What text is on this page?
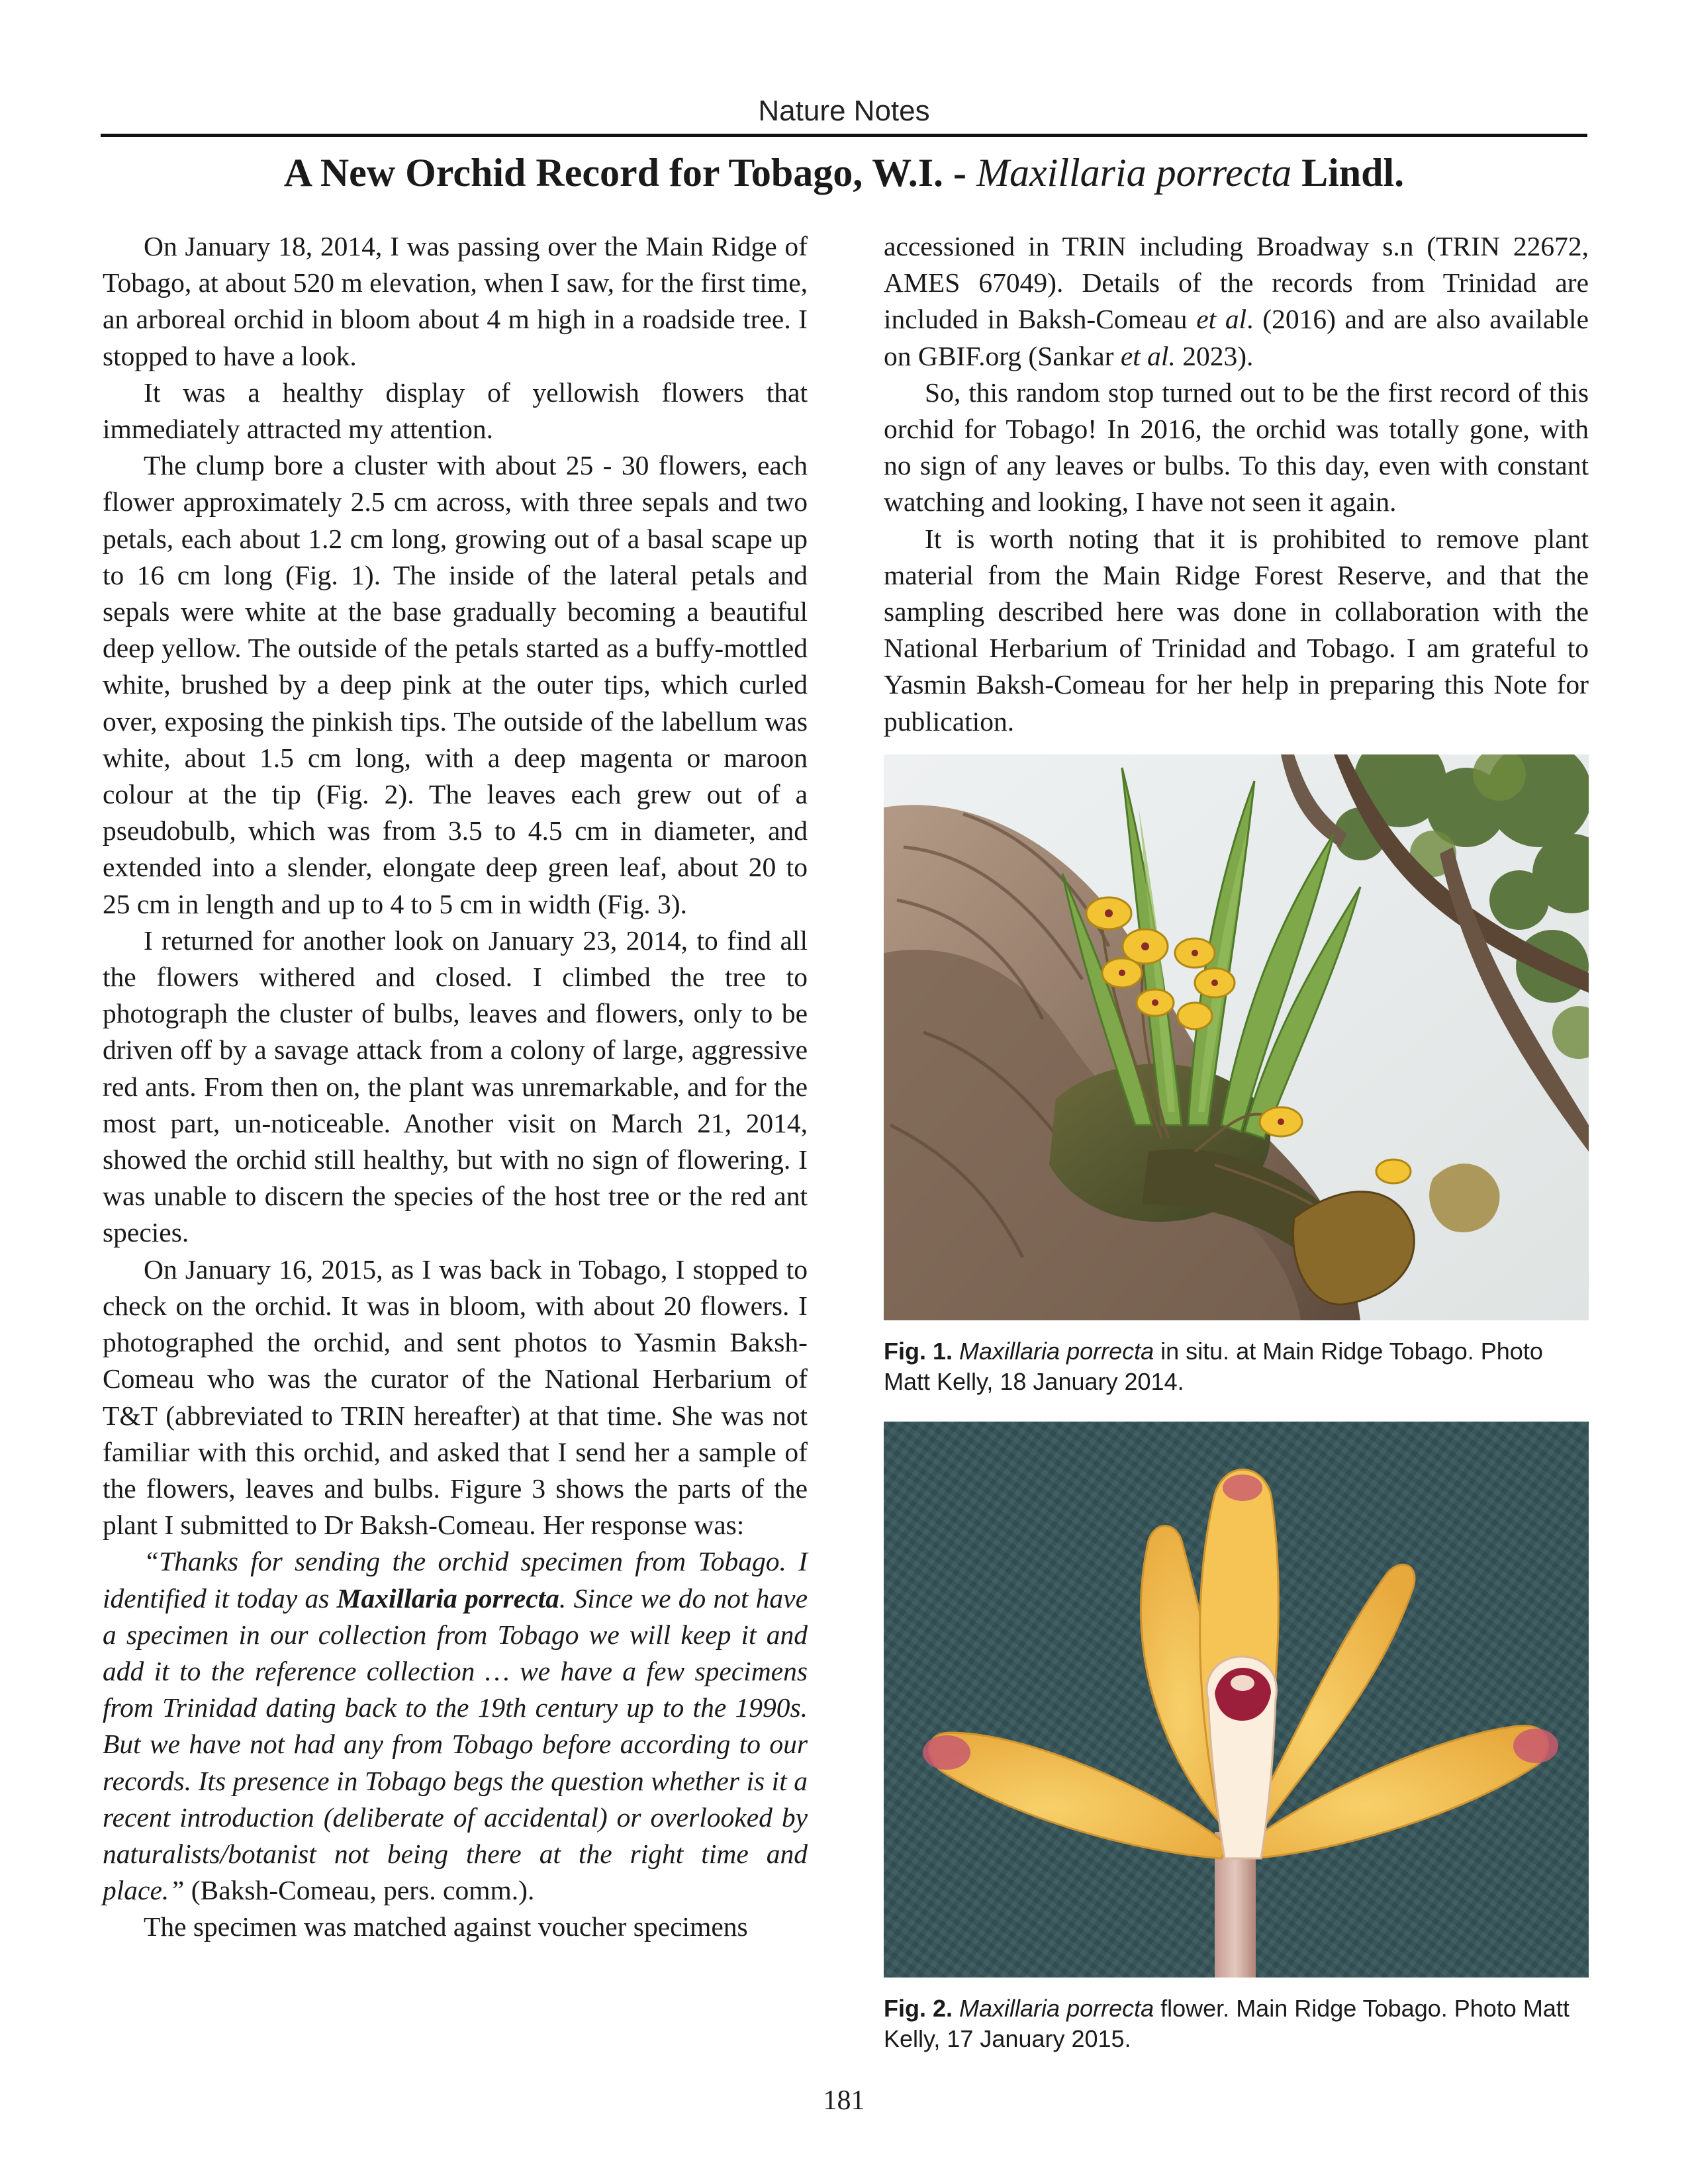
Nature Notes
A New Orchid Record for Tobago, W.I. - Maxillaria porrecta Lindl.

On January 18, 2014, I was passing over the Main Ridge of Tobago, at about 520 m elevation, when I saw, for the first time, an arboreal orchid in bloom about 4 m high in a roadside tree. I stopped to have a look.

It was a healthy display of yellowish flowers that immediately attracted my attention.

The clump bore a cluster with about 25 - 30 flowers, each flower approximately 2.5 cm across, with three sepals and two petals, each about 1.2 cm long, growing out of a basal scape up to 16 cm long (Fig. 1). The inside of the lateral petals and sepals were white at the base gradually becoming a beautiful deep yellow. The outside of the petals started as a buffy-mottled white, brushed by a deep pink at the outer tips, which curled over, exposing the pinkish tips. The outside of the labellum was white, about 1.5 cm long, with a deep magenta or maroon colour at the tip (Fig. 2). The leaves each grew out of a pseudobulb, which was from 3.5 to 4.5 cm in diameter, and extended into a slender, elongate deep green leaf, about 20 to 25 cm in length and up to 4 to 5 cm in width (Fig. 3).

I returned for another look on January 23, 2014, to find all the flowers withered and closed. I climbed the tree to photograph the cluster of bulbs, leaves and flowers, only to be driven off by a savage attack from a colony of large, aggressive red ants. From then on, the plant was unremarkable, and for the most part, un-noticeable. Another visit on March 21, 2014, showed the orchid still healthy, but with no sign of flowering. I was unable to discern the species of the host tree or the red ant species.

On January 16, 2015, as I was back in Tobago, I stopped to check on the orchid. It was in bloom, with about 20 flowers. I photographed the orchid, and sent photos to Yasmin Baksh-Comeau who was the curator of the National Herbarium of T&T (abbreviated to TRIN hereafter) at that time. She was not familiar with this orchid, and asked that I send her a sample of the flowers, leaves and bulbs. Figure 3 shows the parts of the plant I submitted to Dr Baksh-Comeau. Her response was:

“Thanks for sending the orchid specimen from Tobago. I identified it today as Maxillaria porrecta. Since we do not have a specimen in our collection from Tobago we will keep it and add it to the reference collection … we have a few specimens from Trinidad dating back to the 19th century up to the 1990s. But we have not had any from Tobago before according to our records. Its presence in Tobago begs the question whether is it a recent introduction (deliberate of accidental) or overlooked by naturalists/botanist not being there at the right time and place.” (Baksh-Comeau, pers. comm.).

The specimen was matched against voucher specimens

accessioned in TRIN including Broadway s.n (TRIN 22672, AMES 67049). Details of the records from Trinidad are included in Baksh-Comeau et al. (2016) and are also available on GBIF.org (Sankar et al. 2023).

So, this random stop turned out to be the first record of this orchid for Tobago! In 2016, the orchid was totally gone, with no sign of any leaves or bulbs. To this day, even with constant watching and looking, I have not seen it again.

It is worth noting that it is prohibited to remove plant material from the Main Ridge Forest Reserve, and that the sampling described here was done in collaboration with the National Herbarium of Trinidad and Tobago. I am grateful to Yasmin Baksh-Comeau for her help in preparing this Note for publication.

Fig. 1. Maxillaria porrecta in situ. at Main Ridge Tobago. Photo Matt Kelly, 18 January 2014.
Fig. 2. Maxillaria porrecta flower. Main Ridge Tobago. Photo Matt Kelly, 17 January 2015.
181
